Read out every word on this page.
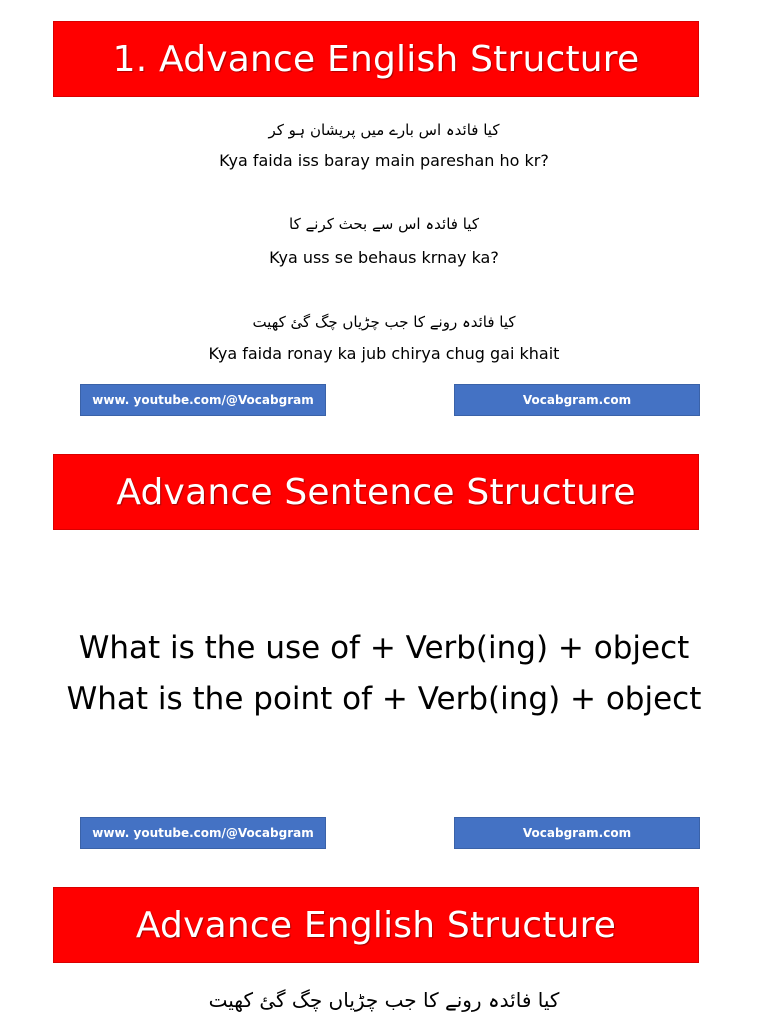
1. Advance English Structure
کیا فائدہ اس بارے میں پریشان ہو کر
Kya faida iss baray main pareshan ho kr?
کیا فائدہ اس سے بحث کرنے کا
Kya uss se behaus krnay ka?
کیا فائدہ رونے کا جب چڑیاں چگ گئ کھیت
Kya faida ronay ka jub chirya chug gai khait
www. youtube.com/@Vocabgram	Vocabgram.com
Advance Sentence Structure
What is the use of + Verb(ing) + object
What is the point of + Verb(ing) + object
www. youtube.com/@Vocabgram	Vocabgram.com
Advance English Structure
کیا فائدہ رونے کا جب چڑیاں چگ گئ کھیت
